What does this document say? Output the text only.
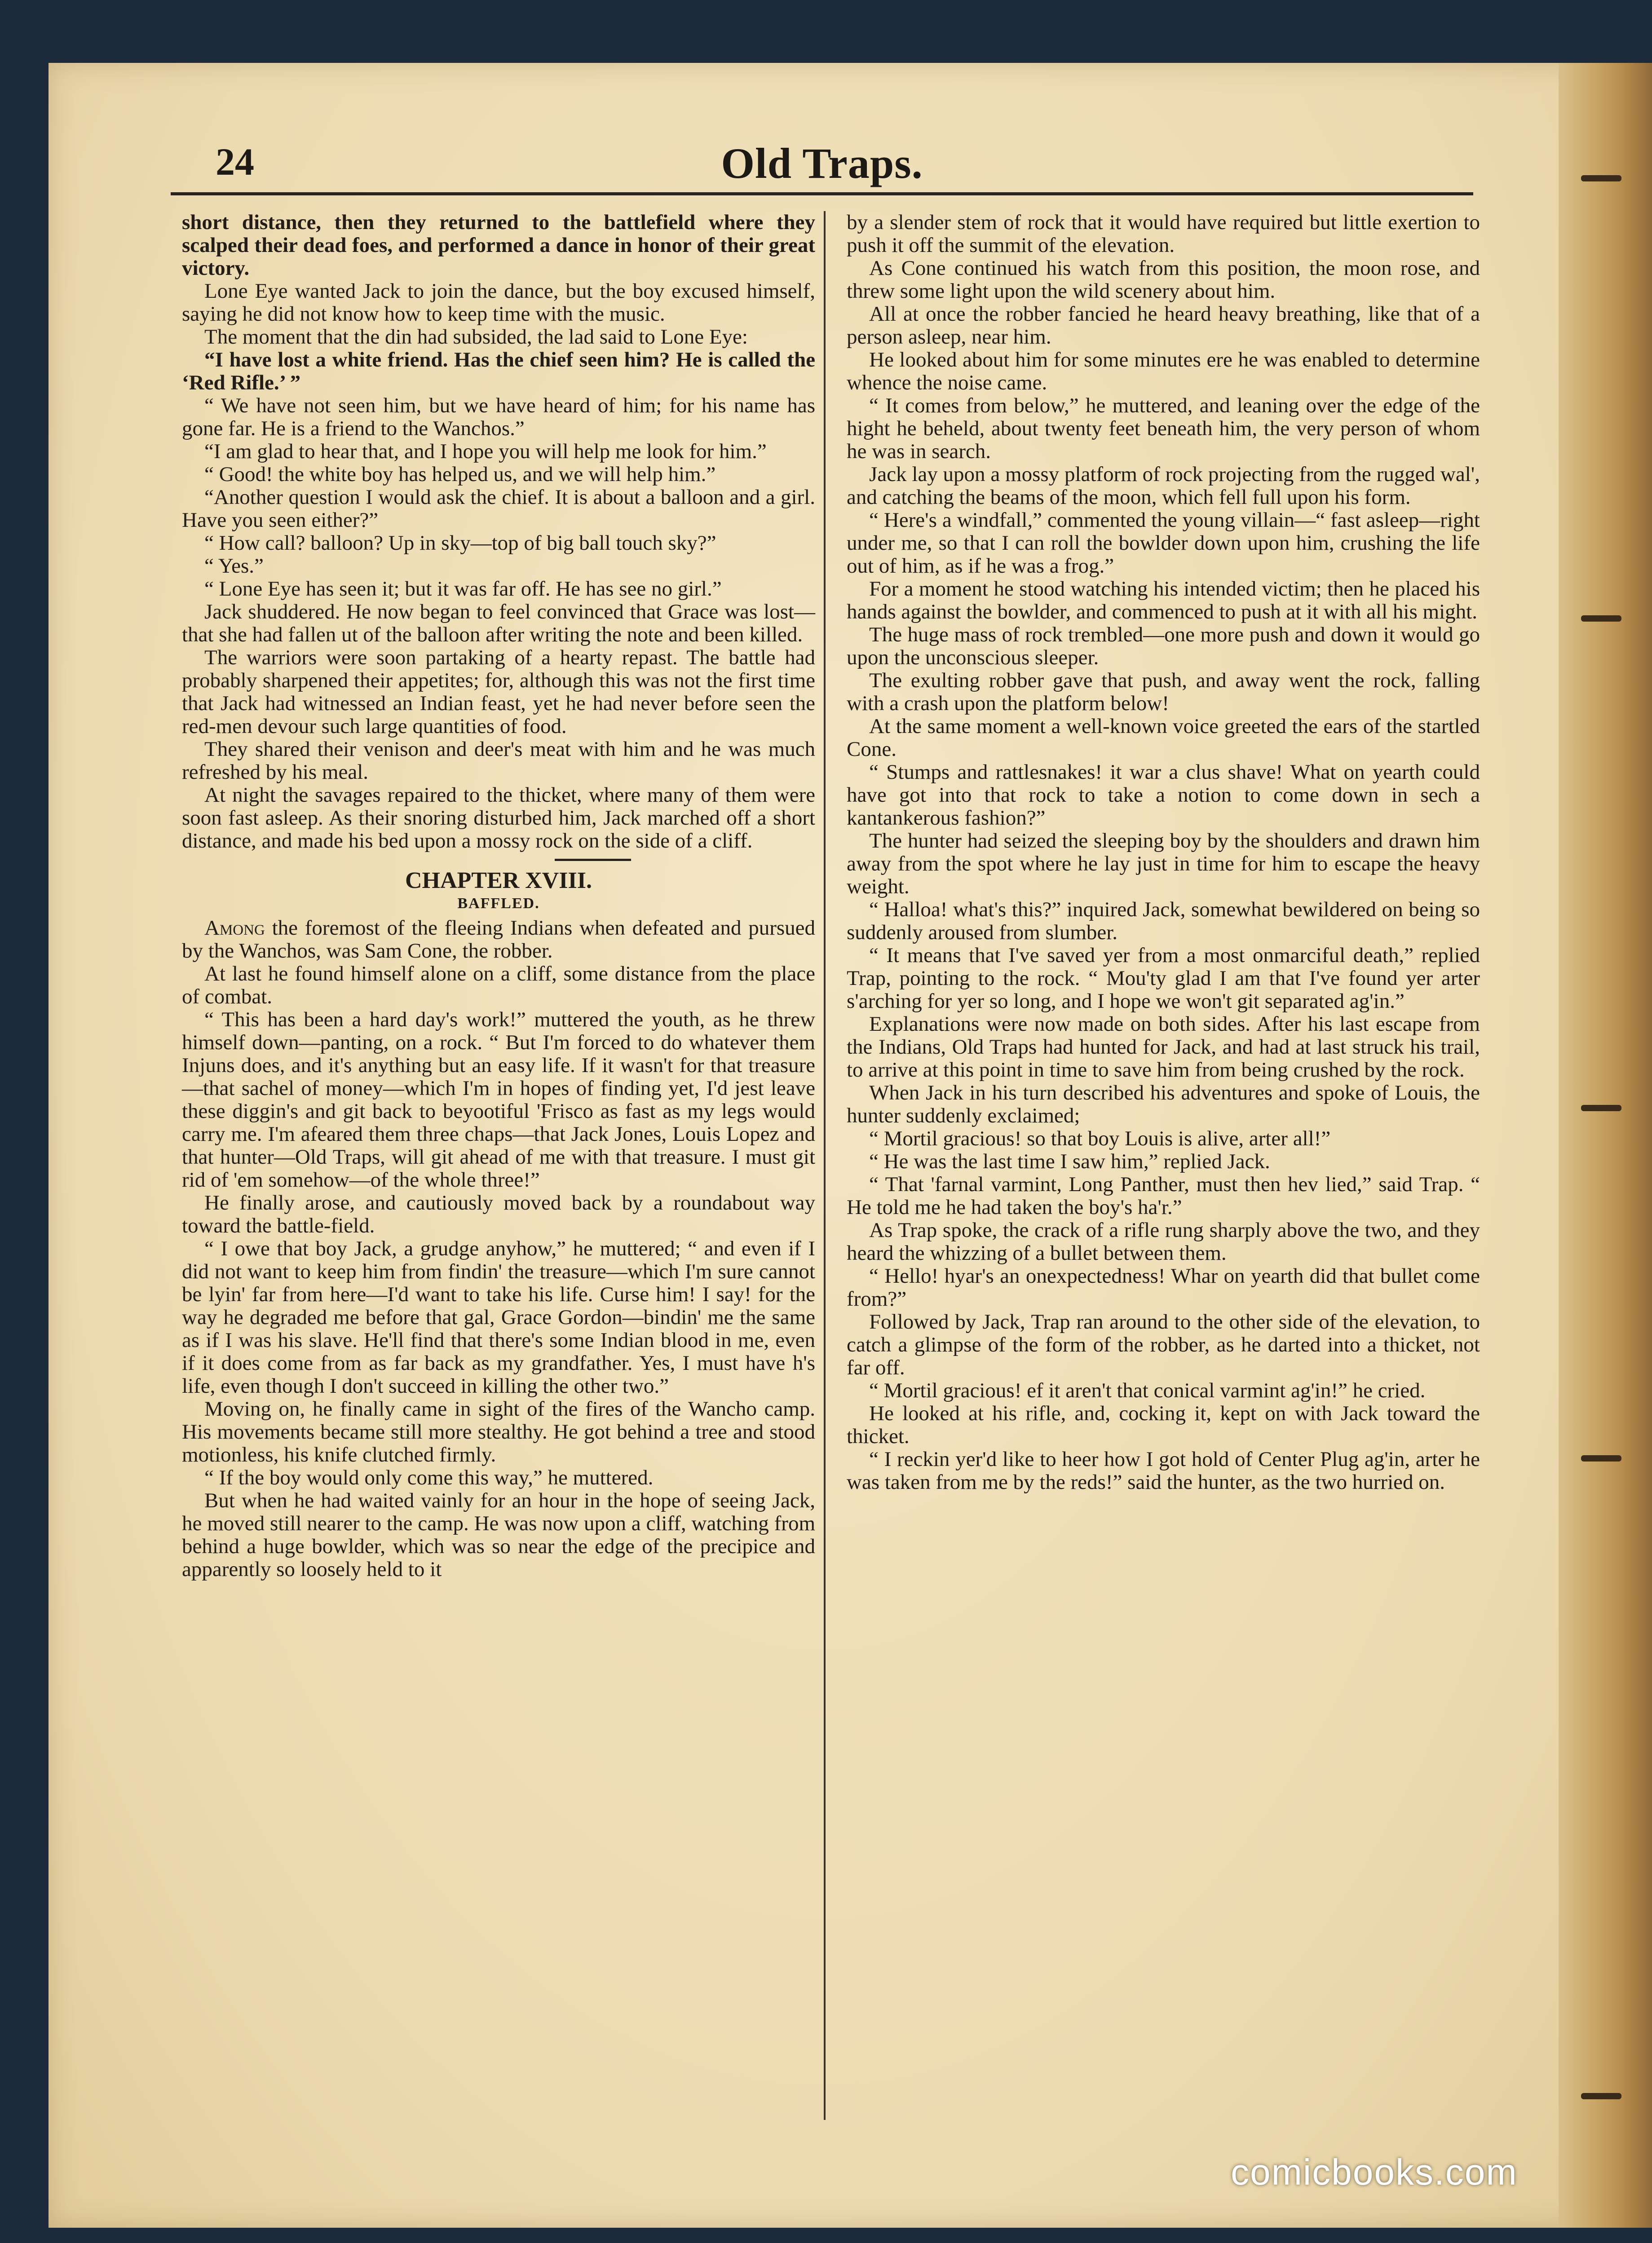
24	Old Traps.

short distance, then they returned to the battlefield where they scalped their dead foes, and performed a dance in honor of their great victory.

Lone Eye wanted Jack to join the dance, but the boy excused himself, saying he did not know how to keep time with the music.

The moment that the din had subsided, the lad said to Lone Eye:

“I have lost a white friend. Has the chief seen him? He is called the ‘Red Rifle.’ ”

“ We have not seen him, but we have heard of him; for his name has gone far. He is a friend to the Wanchos.”

“I am glad to hear that, and I hope you will help me look for him.”

“ Good! the white boy has helped us, and we will help him.”

“Another question I would ask the chief. It is about a balloon and a girl. Have you seen either?”

“ How call? balloon? Up in sky—top of big ball touch sky?”

“ Yes.”

“ Lone Eye has seen it; but it was far off. He has see no girl.”

Jack shuddered. He now began to feel convinced that Grace was lost—that she had fallen ut of the balloon after writing the note and been killed.

The warriors were soon partaking of a hearty repast. The battle had probably sharpened their appetites; for, although this was not the first time that Jack had witnessed an Indian feast, yet he had never before seen the red-men devour such large quantities of food.

They shared their venison and deer's meat with him and he was much refreshed by his meal.

At night the savages repaired to the thicket, where many of them were soon fast asleep. As their snoring disturbed him, Jack marched off a short distance, and made his bed upon a mossy rock on the side of a cliff.

CHAPTER XVIII.
BAFFLED.

Among the foremost of the fleeing Indians when defeated and pursued by the Wanchos, was Sam Cone, the robber.

At last he found himself alone on a cliff, some distance from the place of combat.

“ This has been a hard day's work!” muttered the youth, as he threw himself down—panting, on a rock. “ But I'm forced to do whatever them Injuns does, and it's anything but an easy life. If it wasn't for that treasure—that sachel of money—which I'm in hopes of finding yet, I'd jest leave these diggin's and git back to beyootiful 'Frisco as fast as my legs would carry me. I'm afeared them three chaps—that Jack Jones, Louis Lopez and that hunter—Old Traps, will git ahead of me with that treasure. I must git rid of 'em somehow—of the whole three!”

He finally arose, and cautiously moved back by a roundabout way toward the battle-field.

“ I owe that boy Jack, a grudge anyhow,” he muttered; “ and even if I did not want to keep him from findin' the treasure—which I'm sure cannot be lyin' far from here—I'd want to take his life. Curse him! I say! for the way he degraded me before that gal, Grace Gordon—bindin' me the same as if I was his slave. He'll find that there's some Indian blood in me, even if it does come from as far back as my grandfather. Yes, I must have h's life, even though I don't succeed in killing the other two.”

Moving on, he finally came in sight of the fires of the Wancho camp. His movements became still more stealthy. He got behind a tree and stood motionless, his knife clutched firmly.

“ If the boy would only come this way,” he muttered.

But when he had waited vainly for an hour in the hope of seeing Jack, he moved still nearer to the camp. He was now upon a cliff, watching from behind a huge bowlder, which was so near the edge of the precipice and apparently so loosely held to it

by a slender stem of rock that it would have required but little exertion to push it off the summit of the elevation.

As Cone continued his watch from this position, the moon rose, and threw some light upon the wild scenery about him.

All at once the robber fancied he heard heavy breathing, like that of a person asleep, near him.

He looked about him for some minutes ere he was enabled to determine whence the noise came.

“ It comes from below,” he muttered, and leaning over the edge of the hight he beheld, about twenty feet beneath him, the very person of whom he was in search.

Jack lay upon a mossy platform of rock projecting from the rugged wal', and catching the beams of the moon, which fell full upon his form.

“ Here's a windfall,” commented the young villain—“ fast asleep—right under me, so that I can roll the bowlder down upon him, crushing the life out of him, as if he was a frog.”

For a moment he stood watching his intended victim; then he placed his hands against the bowlder, and commenced to push at it with all his might.

The huge mass of rock trembled—one more push and down it would go upon the unconscious sleeper.

The exulting robber gave that push, and away went the rock, falling with a crash upon the platform below!

At the same moment a well-known voice greeted the ears of the startled Cone.

“ Stumps and rattlesnakes! it war a clus shave! What on yearth could have got into that rock to take a notion to come down in sech a kantankerous fashion?”

The hunter had seized the sleeping boy by the shoulders and drawn him away from the spot where he lay just in time for him to escape the heavy weight.

“ Halloa! what's this?” inquired Jack, somewhat bewildered on being so suddenly aroused from slumber.

“ It means that I've saved yer from a most onmarciful death,” replied Trap, pointing to the rock. “ Mou'ty glad I am that I've found yer arter s'arching for yer so long, and I hope we won't git separated ag'in.”

Explanations were now made on both sides. After his last escape from the Indians, Old Traps had hunted for Jack, and had at last struck his trail, to arrive at this point in time to save him from being crushed by the rock.

When Jack in his turn described his adventures and spoke of Louis, the hunter suddenly exclaimed;

“ Mortil gracious! so that boy Louis is alive, arter all!”

“ He was the last time I saw him,” replied Jack.

“ That 'farnal varmint, Long Panther, must then hev lied,” said Trap. “ He told me he had taken the boy's ha'r.”

As Trap spoke, the crack of a rifle rung sharply above the two, and they heard the whizzing of a bullet between them.

“ Hello! hyar's an onexpectedness! Whar on yearth did that bullet come from?”

Followed by Jack, Trap ran around to the other side of the elevation, to catch a glimpse of the form of the robber, as he darted into a thicket, not far off.

“ Mortil gracious! ef it aren't that conical varmint ag'in!” he cried.

He looked at his rifle, and, cocking it, kept on with Jack toward the thicket.

“ I reckin yer'd like to heer how I got hold of Center Plug ag'in, arter he was taken from me by the reds!” said the hunter, as the two hurried on.

comicbooks.com
